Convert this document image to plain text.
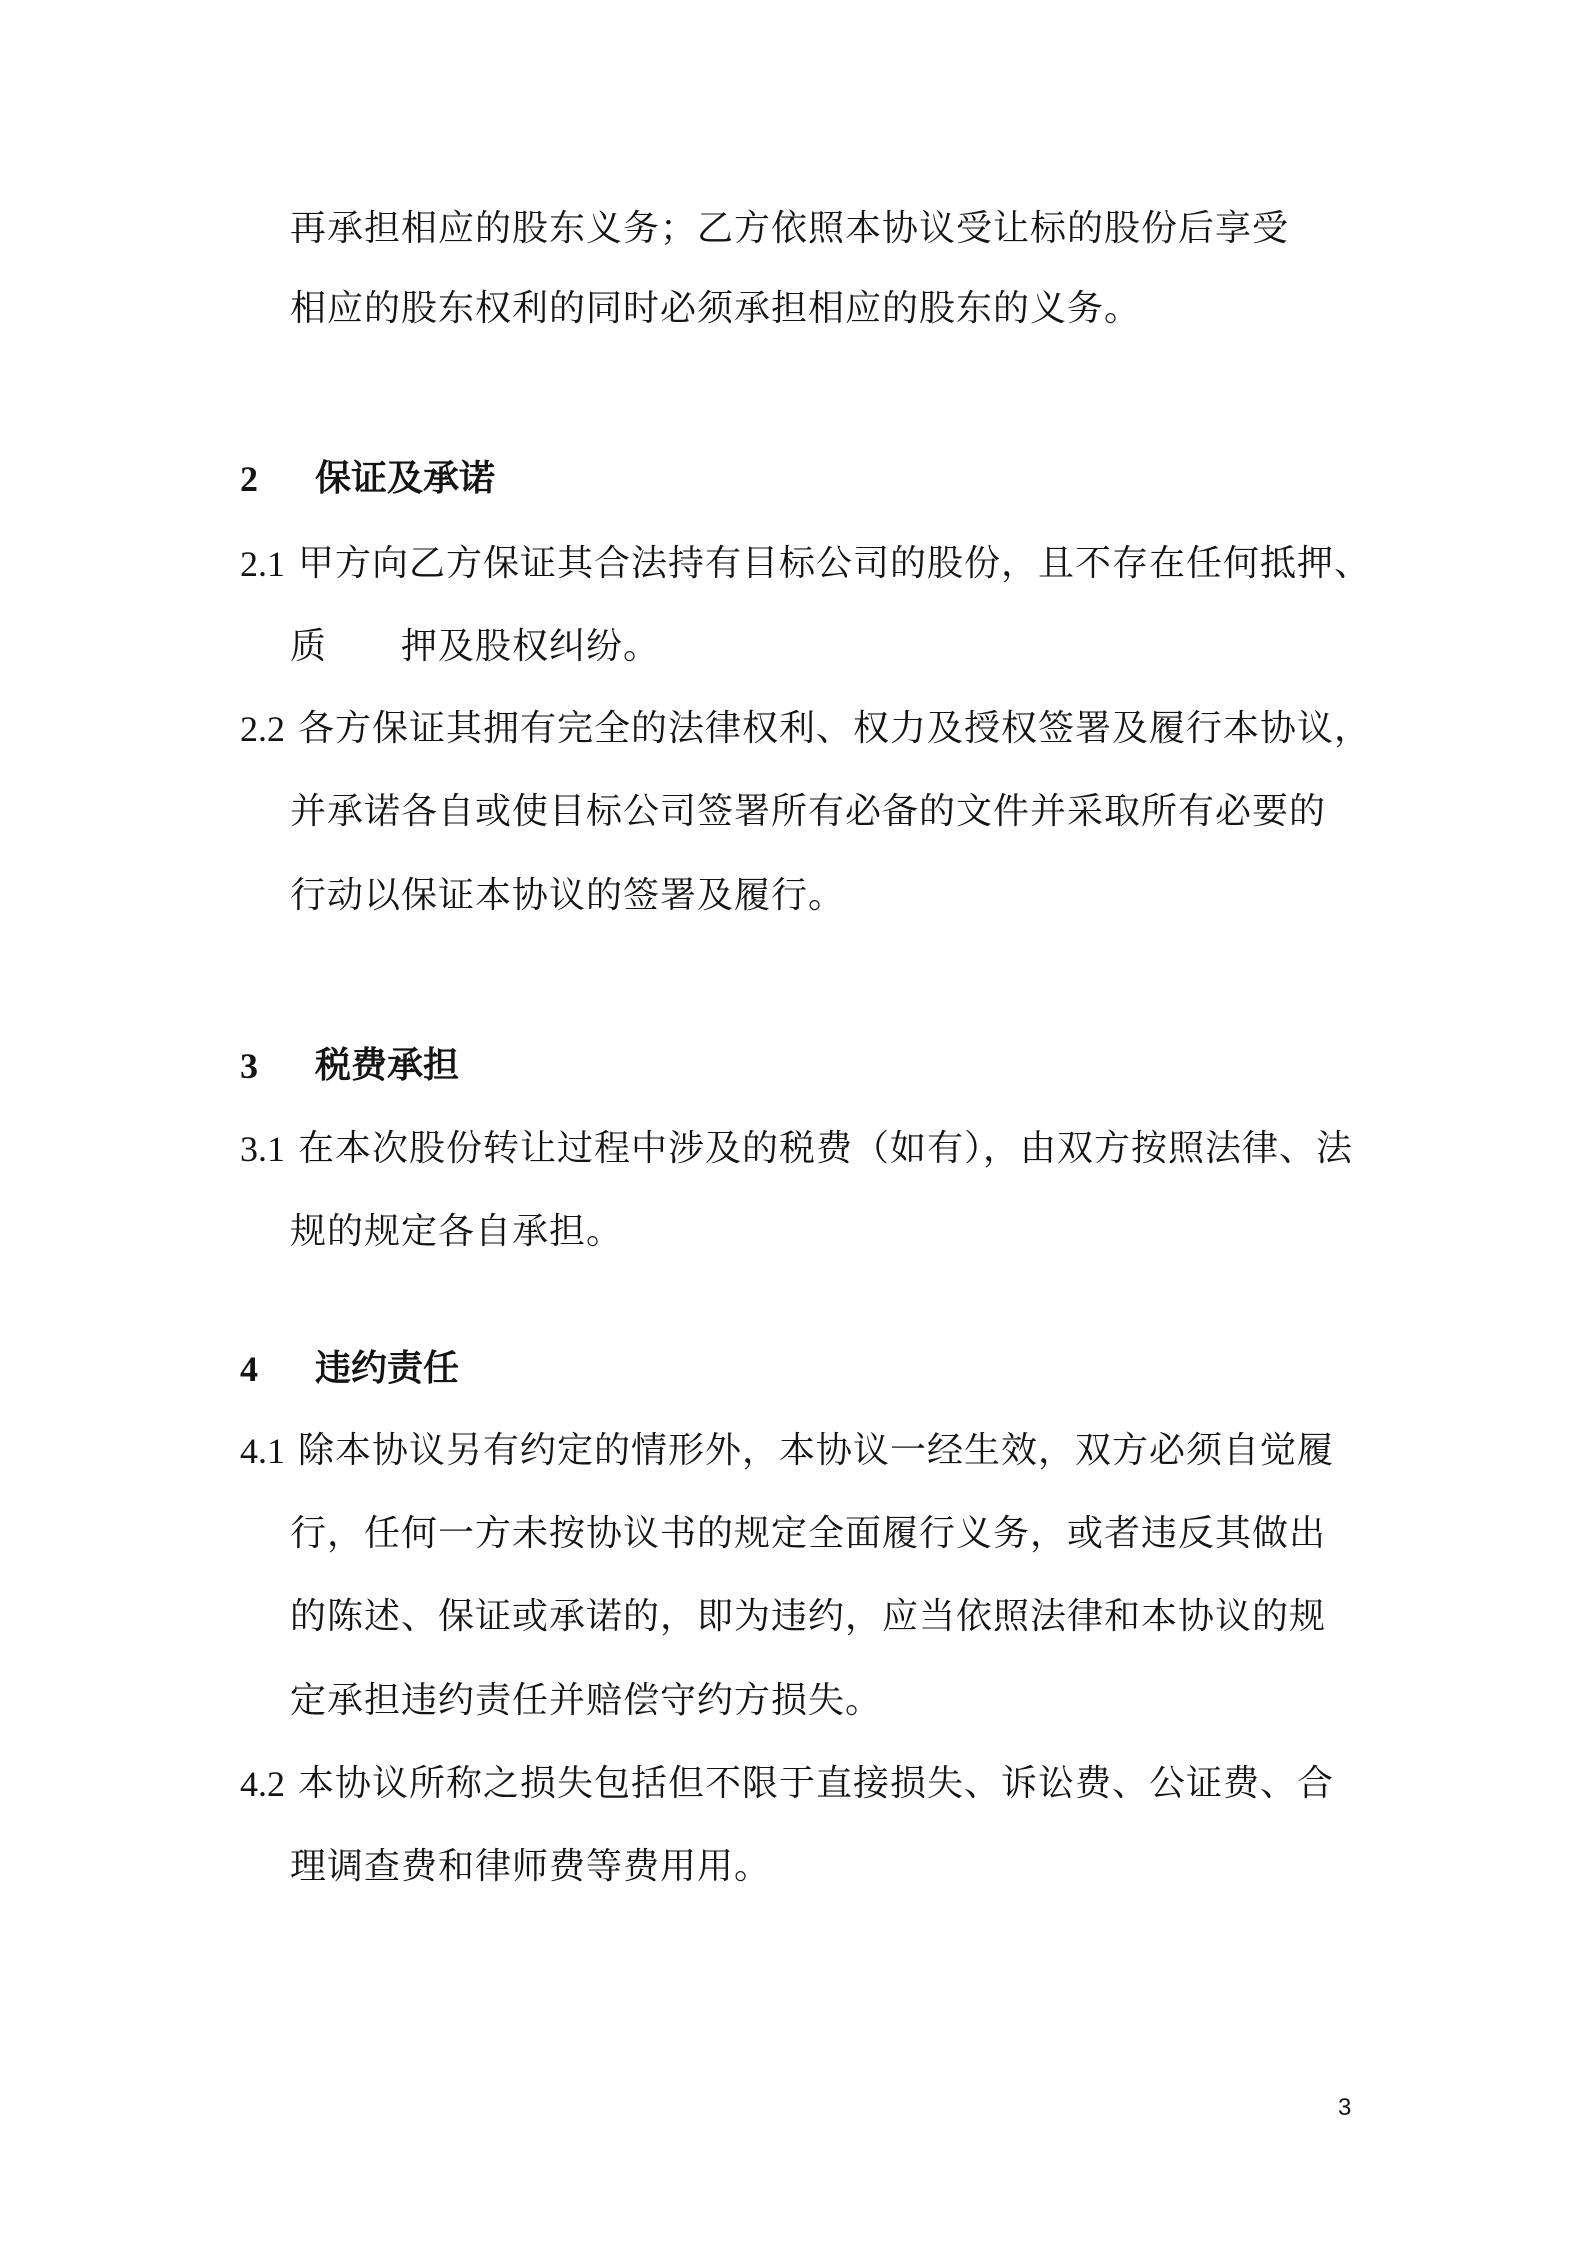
再承担相应的股东义务；乙方依照本协议受让标的股份后享受
相应的股东权利的同时必须承担相应的股东的义务。
2 保证及承诺
2.1 甲方向乙方保证其合法持有目标公司的股份，且不存在任何抵押、
质　　押及股权纠纷。
2.2 各方保证其拥有完全的法律权利、权力及授权签署及履行本协议，
并承诺各自或使目标公司签署所有必备的文件并采取所有必要的
行动以保证本协议的签署及履行。
3 税费承担
3.1 在本次股份转让过程中涉及的税费（如有），由双方按照法律、法
规的规定各自承担。
4 违约责任
4.1 除本协议另有约定的情形外，本协议一经生效，双方必须自觉履
行，任何一方未按协议书的规定全面履行义务，或者违反其做出
的陈述、保证或承诺的，即为违约，应当依照法律和本协议的规
定承担违约责任并赔偿守约方损失。
4.2 本协议所称之损失包括但不限于直接损失、诉讼费、公证费、合
理调查费和律师费等费用用。
3
